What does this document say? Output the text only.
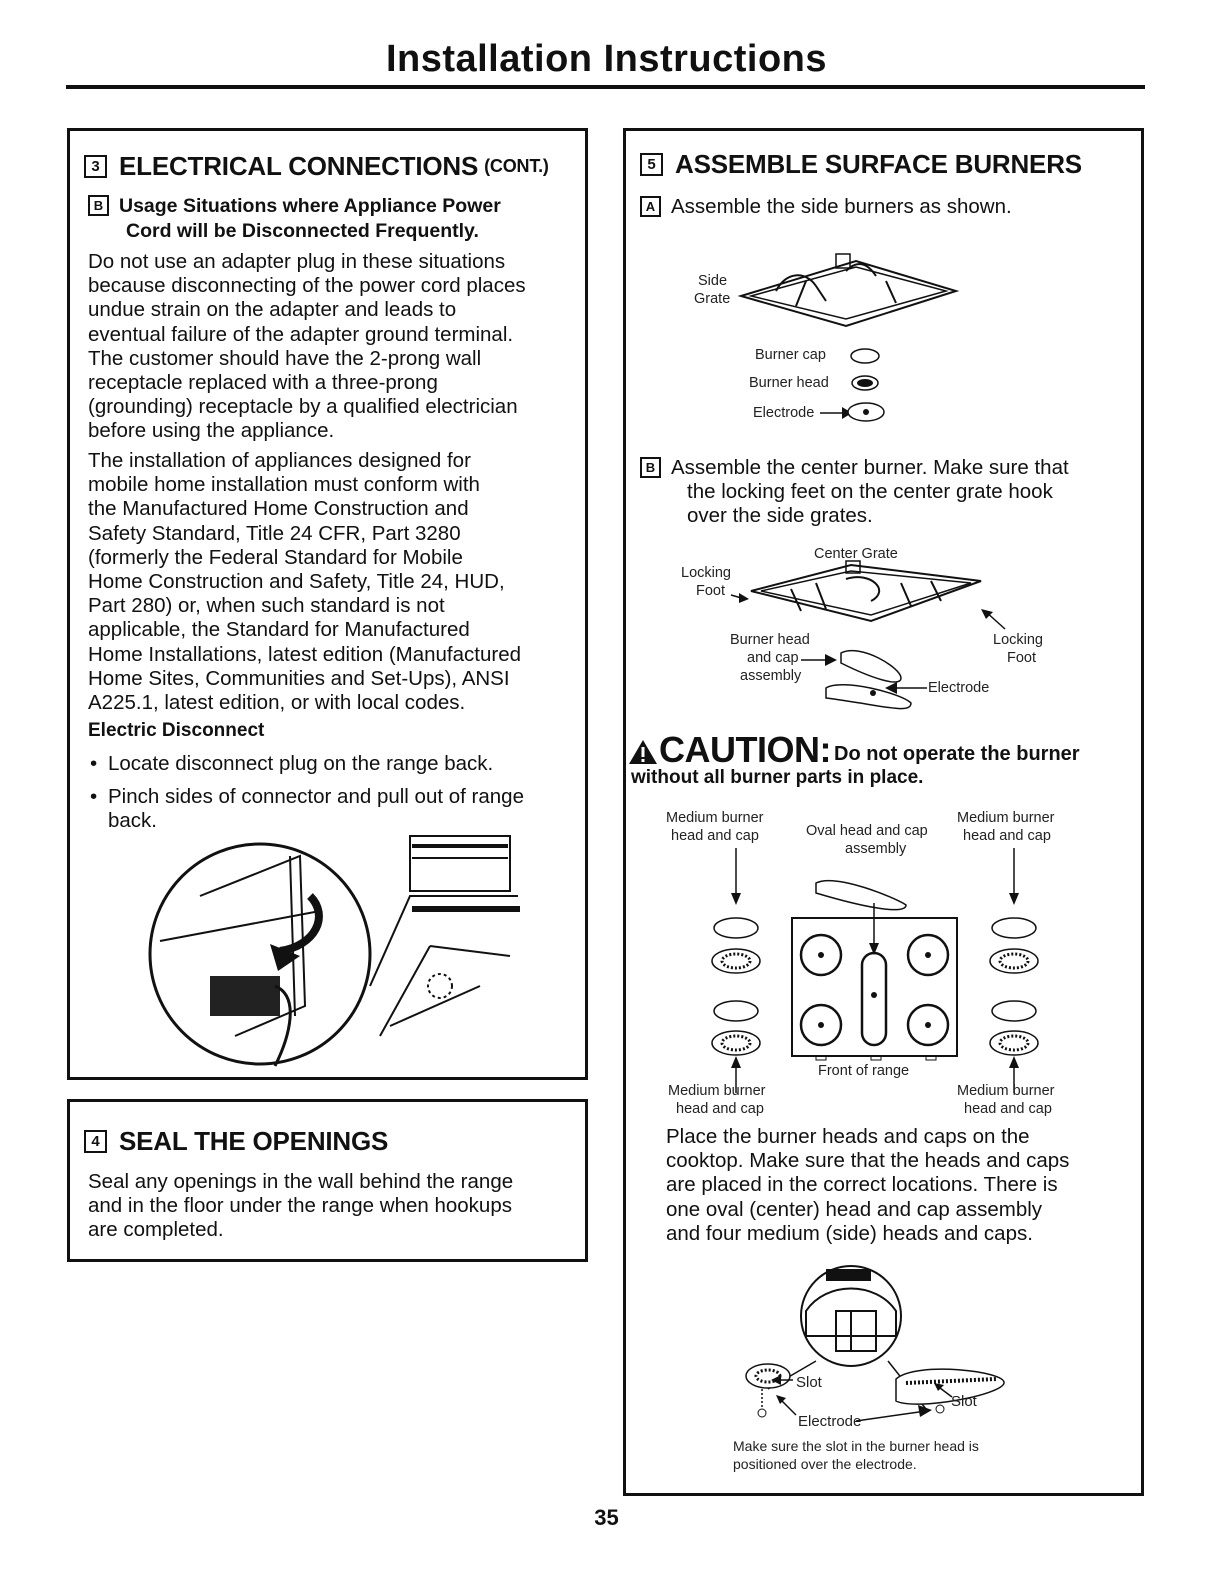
Installation Instructions
3 ELECTRICAL CONNECTIONS (CONT.)
B Usage Situations where Appliance Power
Cord will be Disconnected Frequently.
Do not use an adapter plug in these situations
because disconnecting of the power cord places
undue strain on the adapter and leads to
eventual failure of the adapter ground terminal.
The customer should have the 2-prong wall
receptacle replaced with a three-prong
(grounding) receptacle by a qualified electrician
before using the appliance.
The installation of appliances designed for
mobile home installation must conform with
the Manufactured Home Construction and
Safety Standard, Title 24 CFR, Part 3280
(formerly the Federal Standard for Mobile
Home Construction and Safety, Title 24, HUD,
Part 280) or, when such standard is not
applicable, the Standard for Manufactured
Home Installations, latest edition (Manufactured
Home Sites, Communities and Set-Ups), ANSI
A225.1, latest edition, or with local codes.
Electric Disconnect
• Locate disconnect plug on the range back.
• Pinch sides of connector and pull out of range
back.
4 SEAL THE OPENINGS
Seal any openings in the wall behind the range
and in the floor under the range when hookups
are completed.
5 ASSEMBLE SURFACE BURNERS
A Assemble the side burners as shown.
Side
Grate
Burner cap
Burner head
Electrode
B Assemble the center burner. Make sure that
the locking feet on the center grate hook
over the side grates.
Center Grate
Locking
Foot
Locking
Foot
Burner head
and cap
assembly
Electrode
CAUTION: Do not operate the burner
without all burner parts in place.
Medium burner
head and cap	Oval head and cap
assembly
Medium burner
head and cap
Front of range
Medium burner
head and cap
Medium burner
head and cap
Place the burner heads and caps on the
cooktop. Make sure that the heads and caps
are placed in the correct locations. There is
one oval (center) head and cap assembly
and four medium (side) heads and caps.
Slot
Slot
Electrode
Make sure the slot in the burner head is
positioned over the electrode.
35
